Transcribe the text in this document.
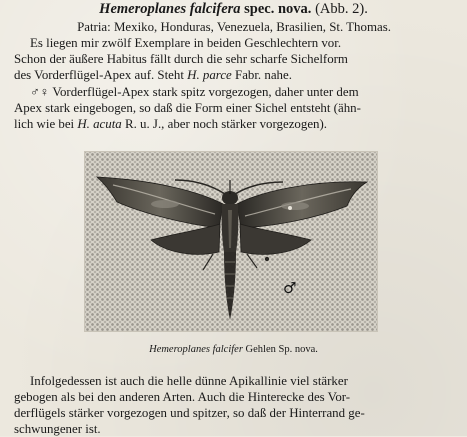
Hemeroplanes falcifera spec. nova. (Abb. 2).
Patria: Mexiko, Honduras, Venezuela, Brasilien, St. Thomas.
Es liegen mir zwölf Exemplare in beiden Geschlechtern vor.
Schon der äußere Habitus fällt durch die sehr scharfe Sichelform
des Vorderflügel-Apex auf. Steht H. parce Fabr. nahe.
♂♀ Vorderflügel-Apex stark spitz vorgezogen, daher unter dem
Apex stark eingebogen, so daß die Form einer Sichel entsteht (ähn-
lich wie bei H. acuta R. u. J., aber noch stärker vorgezogen).
♂
Hemeroplanes falcifer Gehlen Sp. nova.
Infolgedessen ist auch die helle dünne Apikallinie viel stärker
gebogen als bei den anderen Arten. Auch die Hinterecke des Vor-
derflügels stärker vorgezogen und spitzer, so daß der Hinterrand ge-
schwungener ist.
